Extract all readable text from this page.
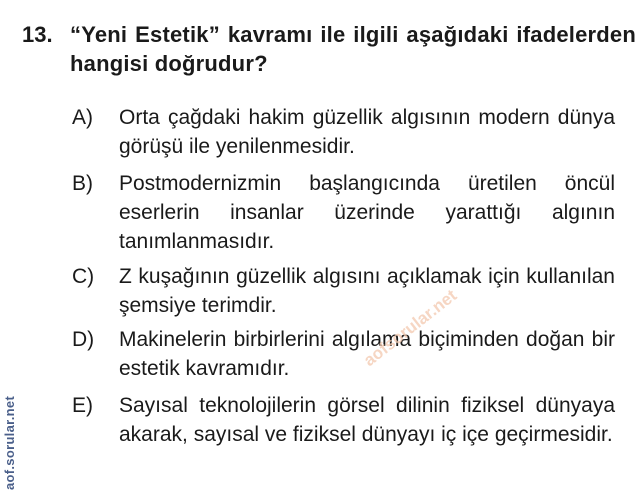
13. “Yeni Estetik” kavramı ile ilgili aşağıdaki ifadelerden hangisi doğrudur?
A) Orta çağdaki hakim güzellik algısının modern dünya görüşü ile yenilenmesidir.
B) Postmodernizmin başlangıcında üretilen öncül eserlerin insanlar üzerinde yarattığı algının tanımlanmasıdır.
C) Z kuşağının güzellik algısını açıklamak için kullanılan şemsiye terimdir.
D) Makinelerin birbirlerini algılama biçiminden doğan bir estetik kavramıdır.
E) Sayısal teknolojilerin görsel dilinin fiziksel dünyaya akarak, sayısal ve fiziksel dünyayı iç içe geçirmesidir.
aofsorular.net
aof.sorular.net
